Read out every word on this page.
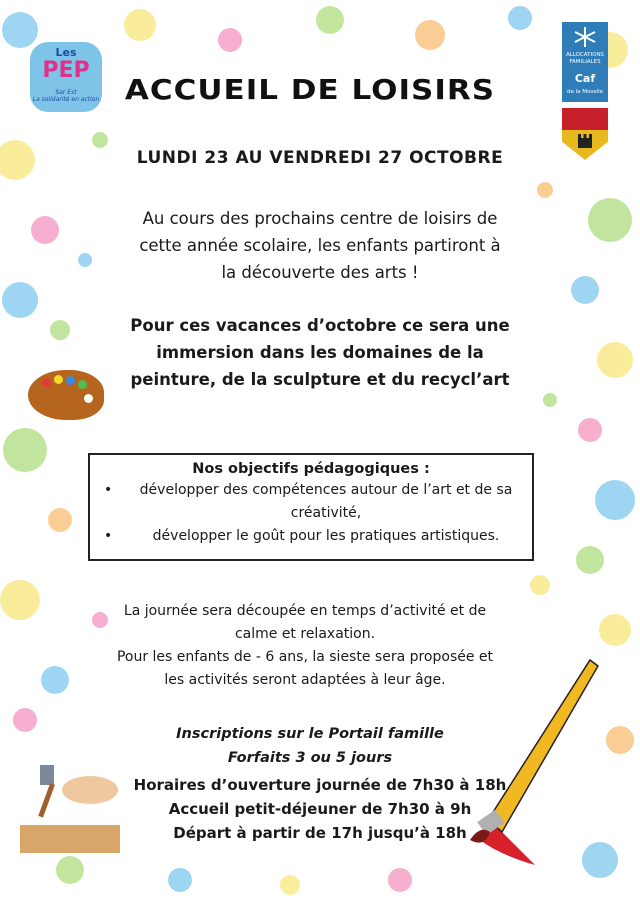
Les
PEP
Sar Est
La solidarité en action
ALLOCATIONS
FAMILIALES
Caf
de la Moselle
ACCUEIL DE LOISIRS
LUNDI 23 AU VENDREDI 27 OCTOBRE
Au cours des prochains centre de loisirs de
cette année scolaire, les enfants partiront à
la découverte des arts !
Pour ces vacances d’octobre ce sera une
immersion dans les domaines de la
peinture, de la sculpture et du recycl’art
Nos objectifs pédagogiques :
• développer des compétences autour de l’art et de sa créativité,
• développer le goût pour les pratiques artistiques.
La journée sera découpée en temps d’activité et de
calme et relaxation.
Pour les enfants de - 6 ans, la sieste sera proposée et
les activités seront adaptées à leur âge.
Inscriptions sur le Portail famille
Forfaits 3 ou 5 jours
Horaires d’ouverture journée de 7h30 à 18h
Accueil petit-déjeuner de 7h30 à 9h
Départ à partir de 17h jusqu’à 18h
